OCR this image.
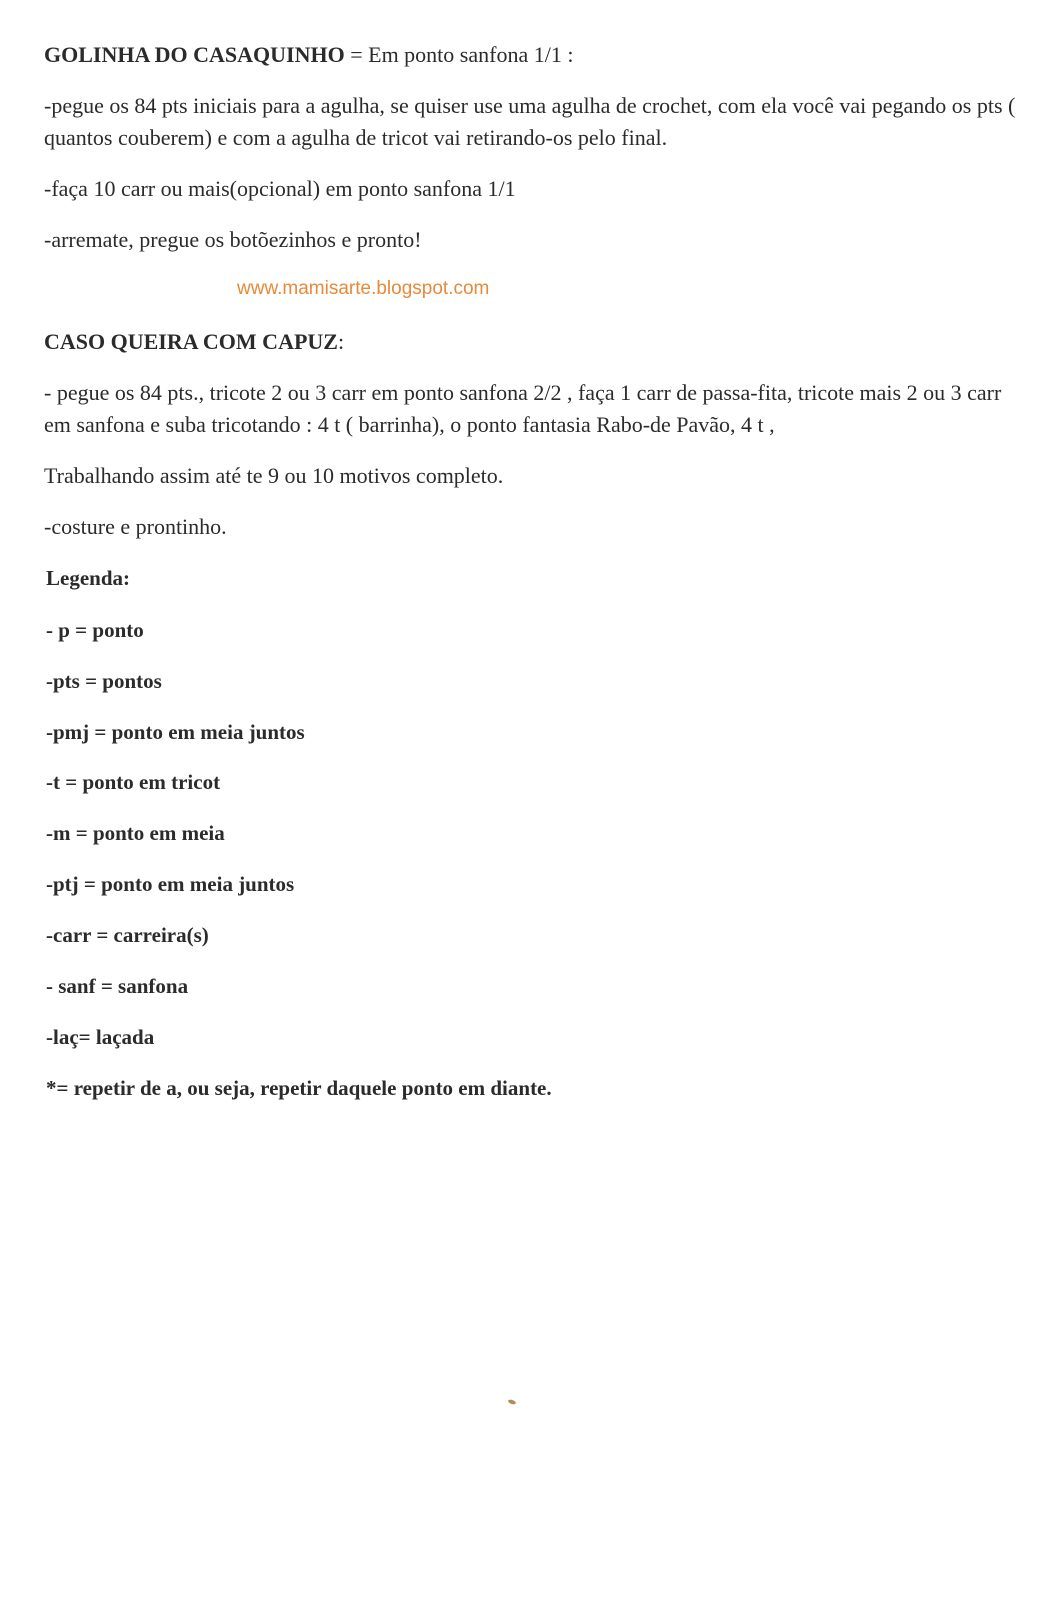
GOLINHA DO CASAQUINHO = Em ponto sanfona 1/1 :
-pegue os 84 pts iniciais para a agulha, se quiser use uma agulha de crochet, com ela você vai pegando os pts ( quantos couberem) e com a agulha de tricot vai retirando-os pelo final.
-faça 10 carr ou mais(opcional) em ponto sanfona 1/1
-arremate, pregue os botõezinhos e pronto!
www.mamisarte.blogspot.com
CASO QUEIRA COM CAPUZ:
- pegue os 84 pts., tricote 2 ou 3 carr em ponto sanfona 2/2 , faça 1 carr de passa-fita, tricote mais 2 ou 3 carr em sanfona e suba tricotando : 4 t ( barrinha), o ponto fantasia Rabo-de Pavão, 4 t ,
Trabalhando assim até te 9 ou 10 motivos completo.
-costure e prontinho.
Legenda:
- p = ponto
-pts = pontos
-pmj = ponto em meia juntos
-t = ponto em tricot
-m = ponto em meia
-ptj = ponto em meia juntos
-carr = carreira(s)
- sanf = sanfona
-laç= laçada
*= repetir de a, ou seja, repetir daquele ponto em diante.
